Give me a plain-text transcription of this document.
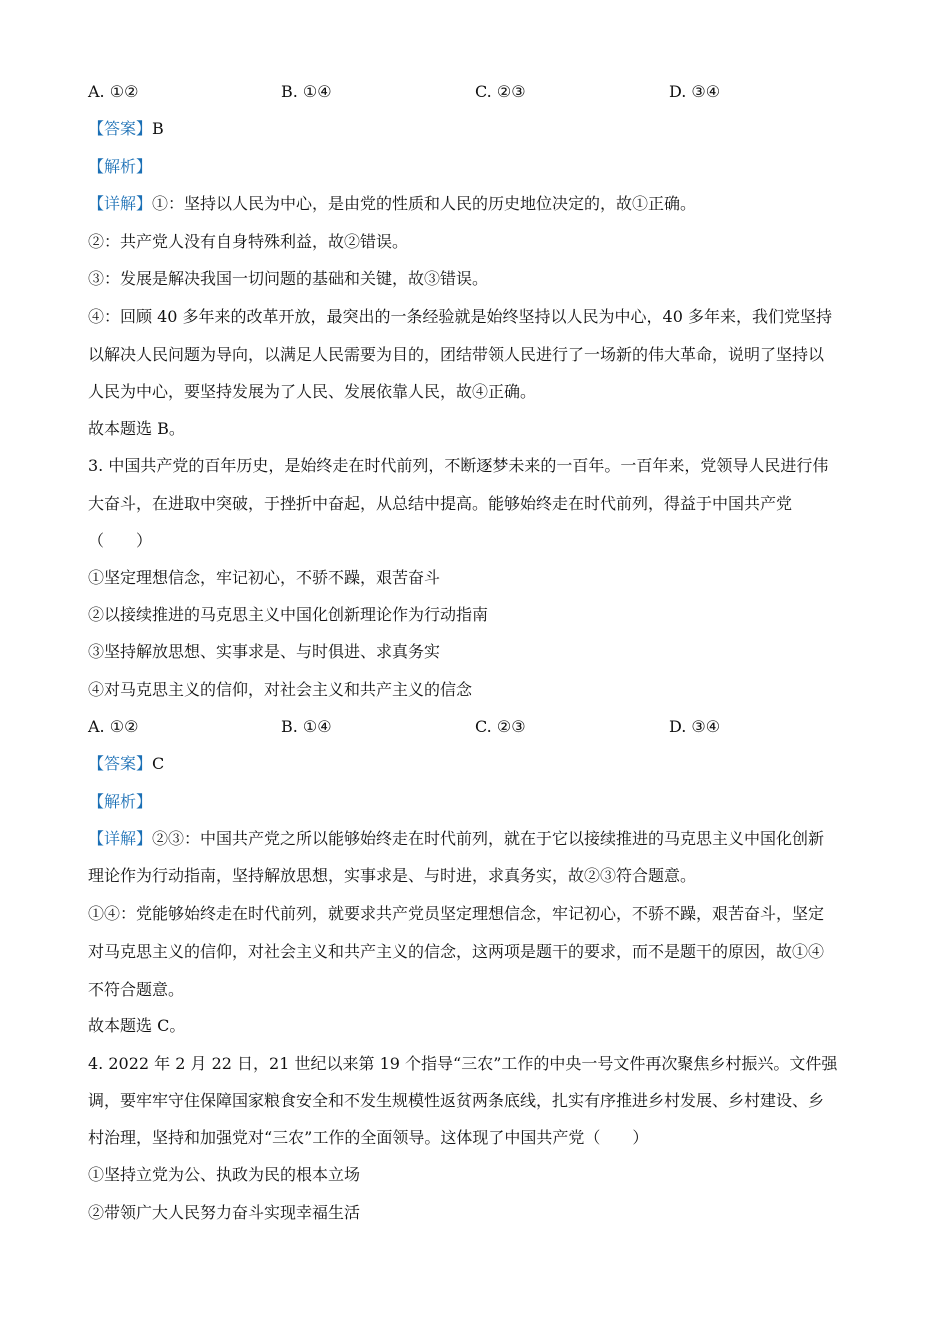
A. ①②	B. ①④	C. ②③	D. ③④
【答案】B
【解析】
【详解】①：坚持以人民为中心，是由党的性质和人民的历史地位决定的，故①正确。
②：共产党人没有自身特殊利益，故②错误。
③：发展是解决我国一切问题的基础和关键，故③错误。
④：回顾 40 多年来的改革开放，最突出的一条经验就是始终坚持以人民为中心，40 多年来，我们党坚持
以解决人民问题为导向，以满足人民需要为目的，团结带领人民进行了一场新的伟大革命，说明了坚持以
人民为中心，要坚持发展为了人民、发展依靠人民，故④正确。
故本题选 B。
3. 中国共产党的百年历史，是始终走在时代前列，不断逐梦未来的一百年。一百年来，党领导人民进行伟
大奋斗，在进取中突破，于挫折中奋起，从总结中提高。能够始终走在时代前列，得益于中国共产党
（　　）
①坚定理想信念，牢记初心，不骄不躁，艰苦奋斗
②以接续推进的马克思主义中国化创新理论作为行动指南
③坚持解放思想、实事求是、与时俱进、求真务实
④对马克思主义的信仰，对社会主义和共产主义的信念
A. ①②	B. ①④	C. ②③	D. ③④
【答案】C
【解析】
【详解】②③：中国共产党之所以能够始终走在时代前列，就在于它以接续推进的马克思主义中国化创新
理论作为行动指南，坚持解放思想，实事求是、与时进，求真务实，故②③符合题意。
①④：党能够始终走在时代前列，就要求共产党员坚定理想信念，牢记初心，不骄不躁，艰苦奋斗，坚定
对马克思主义的信仰，对社会主义和共产主义的信念，这两项是题干的要求，而不是题干的原因，故①④
不符合题意。
故本题选 C。
4. 2022 年 2 月 22 日，21 世纪以来第 19 个指导“三农”工作的中央一号文件再次聚焦乡村振兴。文件强
调，要牢牢守住保障国家粮食安全和不发生规模性返贫两条底线，扎实有序推进乡村发展、乡村建设、乡
村治理，坚持和加强党对“三农”工作的全面领导。这体现了中国共产党（　　）
①坚持立党为公、执政为民的根本立场
②带领广大人民努力奋斗实现幸福生活
